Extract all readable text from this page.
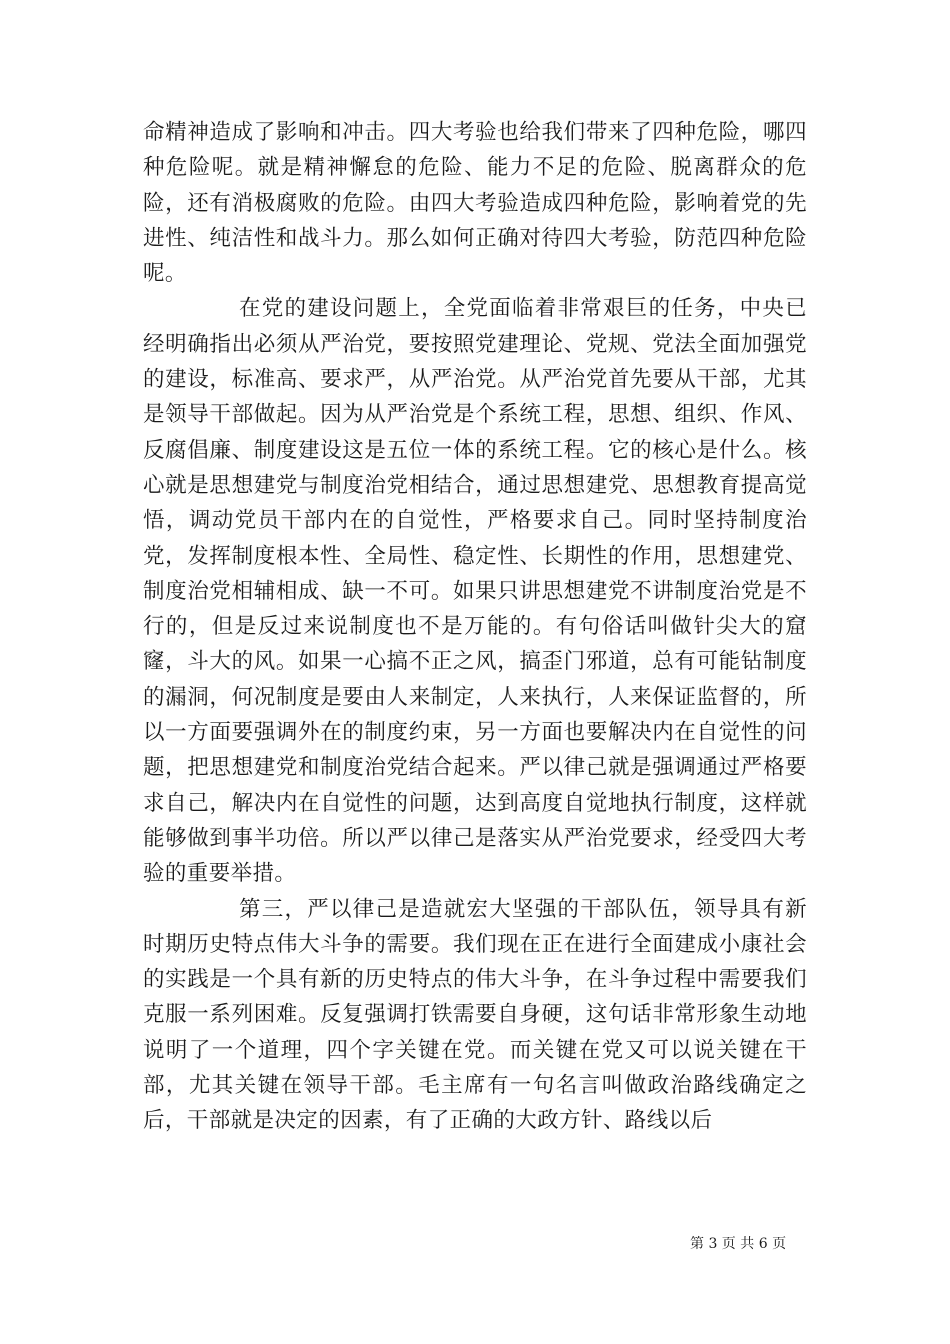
命精神造成了影响和冲击。四大考验也给我们带来了四种危险，哪四种危险呢。就是精神懈怠的危险、能力不足的危险、脱离群众的危险，还有消极腐败的危险。由四大考验造成四种危险，影响着党的先进性、纯洁性和战斗力。那么如何正确对待四大考验，防范四种危险呢。

在党的建设问题上，全党面临着非常艰巨的任务，中央已经明确指出必须从严治党，要按照党建理论、党规、党法全面加强党的建设，标准高、要求严，从严治党。从严治党首先要从干部，尤其是领导干部做起。因为从严治党是个系统工程，思想、组织、作风、反腐倡廉、制度建设这是五位一体的系统工程。它的核心是什么。核心就是思想建党与制度治党相结合，通过思想建党、思想教育提高觉悟，调动党员干部内在的自觉性，严格要求自己。同时坚持制度治党，发挥制度根本性、全局性、稳定性、长期性的作用，思想建党、制度治党相辅相成、缺一不可。如果只讲思想建党不讲制度治党是不行的，但是反过来说制度也不是万能的。有句俗话叫做针尖大的窟窿，斗大的风。如果一心搞不正之风，搞歪门邪道，总有可能钻制度的漏洞，何况制度是要由人来制定，人来执行，人来保证监督的，所以一方面要强调外在的制度约束，另一方面也要解决内在自觉性的问题，把思想建党和制度治党结合起来。严以律己就是强调通过严格要求自己，解决内在自觉性的问题，达到高度自觉地执行制度，这样就能够做到事半功倍。所以严以律己是落实从严治党要求，经受四大考验的重要举措。

第三，严以律己是造就宏大坚强的干部队伍，领导具有新时期历史特点伟大斗争的需要。我们现在正在进行全面建成小康社会的实践是一个具有新的历史特点的伟大斗争，在斗争过程中需要我们克服一系列困难。反复强调打铁需要自身硬，这句话非常形象生动地说明了一个道理，四个字关键在党。而关键在党又可以说关键在干部，尤其关键在领导干部。毛主席有一句名言叫做政治路线确定之后，干部就是决定的因素，有了正确的大政方针、路线以后

第 3 页 共 6 页
